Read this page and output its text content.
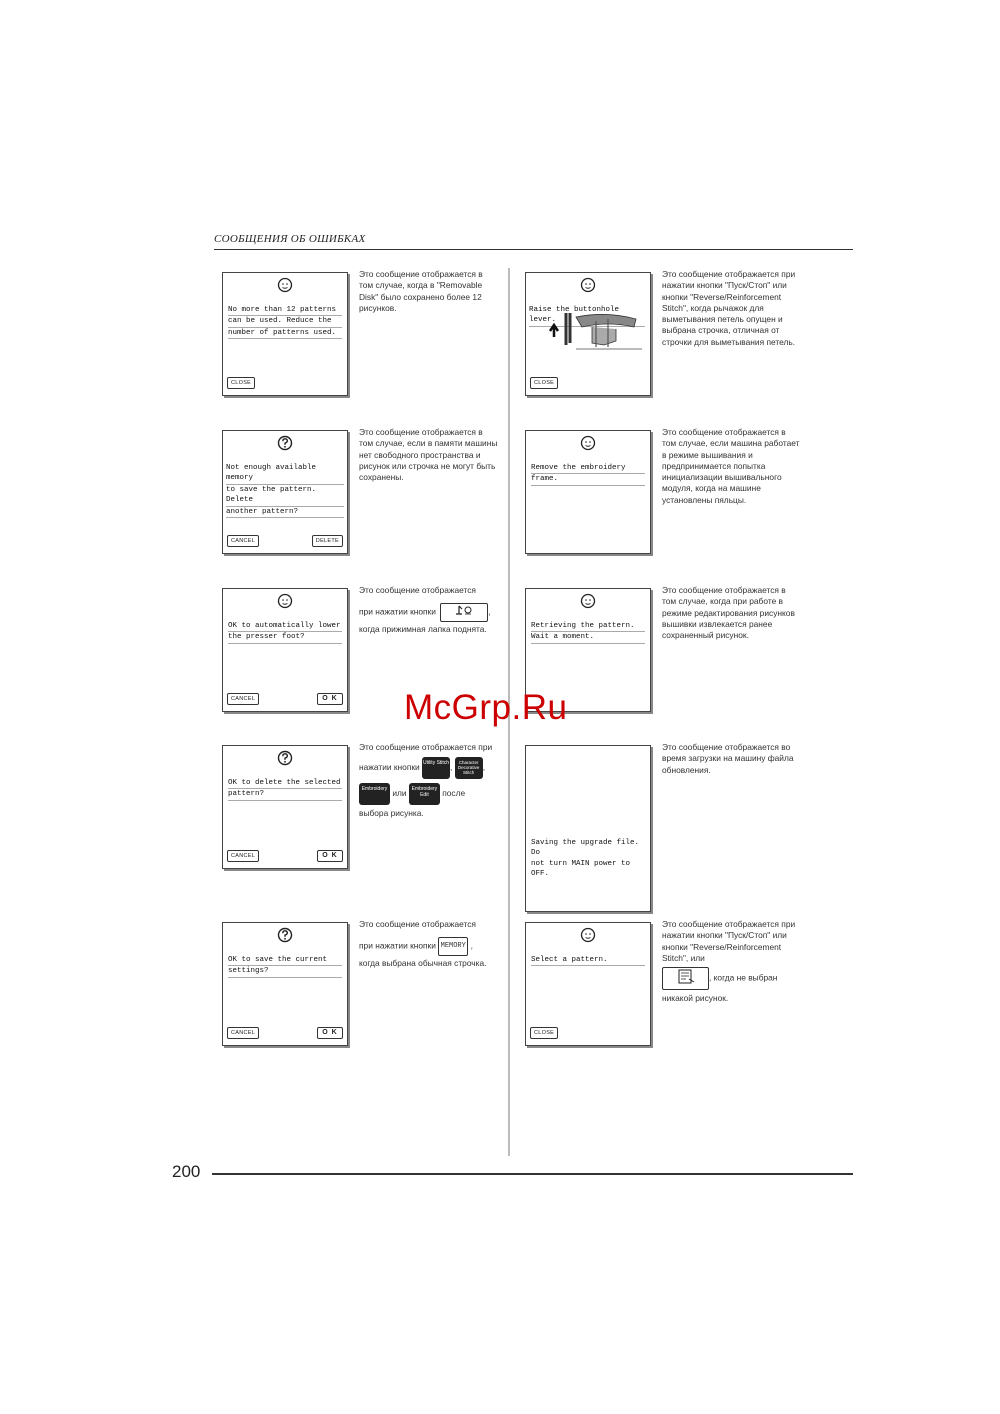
СООБЩЕНИЯ ОБ ОШИБКАХ

No more than 12 patterns
can be used. Reduce the
number of patterns used.

CLOSE
Это сообщение отображается в том случае, когда в "Removable Disk" было сохранено более 12 рисунков.

Not enough available memory
to save the pattern. Delete
another pattern?

CANCEL	DELETE
Это сообщение отображается в том случае, если в памяти машины нет свободного пространства и рисунок или строчка не могут быть сохранены.

OK to automatically lower
the presser foot?

CANCEL	O K
Это сообщение отображается
при нажатии кнопки	,
когда прижимная лапка поднята.

OK to delete the selected
pattern?

CANCEL	O K
Это сообщение отображается при
нажатии кнопки Utility Stitch, Character Decorative Stitch,
Embroidery или Embroidery Edit после
выбора рисунка.

OK to save the current
settings?

CANCEL	O K
Это сообщение отображается
при нажатии кнопки MEMORY ,
когда выбрана обычная строчка.

Raise the buttonhole lever.

CLOSE
Это сообщение отображается при нажатии кнопки "Пуск/Стоп" или кнопки "Reverse/Reinforcement Stitch", когда рычажок для выметывания петель опущен и выбрана строчка, отличная от строчки для выметывания петель.

Remove the embroidery
frame.

Это сообщение отображается в том случае, если машина работает в режиме вышивания и предпринимается попытка инициализации вышивального модуля, когда на машине установлены пяльцы.

Retrieving the pattern.
Wait a moment.

Это сообщение отображается в том случае, когда при работе в режиме редактирования рисунков вышивки извлекается ранее сохраненный рисунок.

Saving the upgrade file. Do
not turn MAIN power to OFF.

Это сообщение отображается во время загрузки на машину файла обновления.

Select a pattern.

CLOSE
Это сообщение отображается при нажатии кнопки "Пуск/Стоп" или кнопки "Reverse/Reinforcement Stitch", или
, когда не выбран
никакой рисунок.
McGrp.Ru
200
